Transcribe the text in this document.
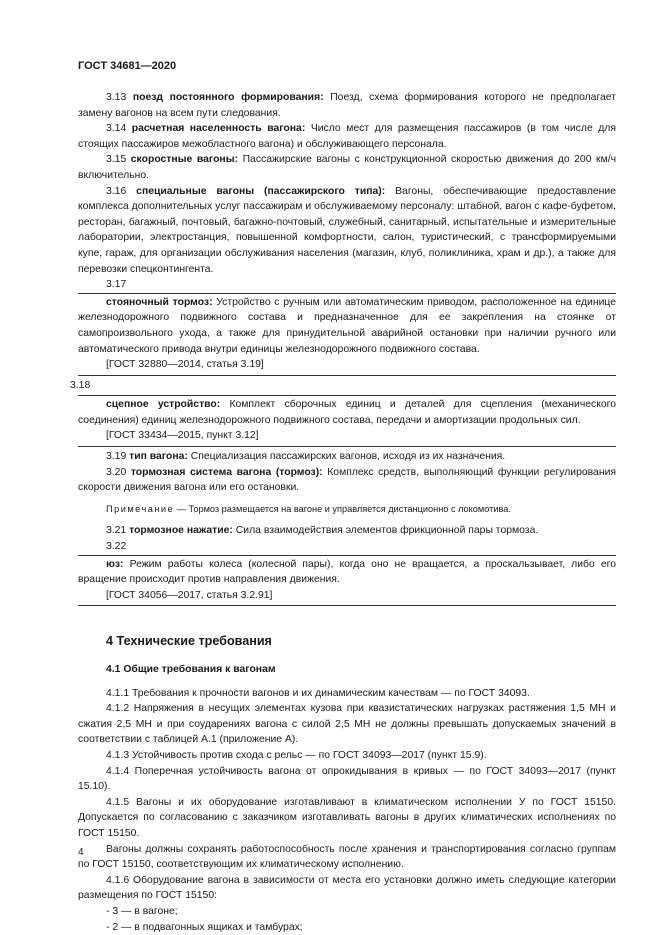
ГОСТ 34681—2020

3.13 поезд постоянного формирования: Поезд, схема формирования которого не предполагает замену вагонов на всем пути следования.

3.14 расчетная населенность вагона: Число мест для размещения пассажиров (в том числе для стоящих пассажиров межобластного вагона) и обслуживающего персонала.

3.15 скоростные вагоны: Пассажирские вагоны с конструкционной скоростью движения до 200 км/ч включительно.

3.16 специальные вагоны (пассажирского типа): Вагоны, обеспечивающие предоставление комплекса дополнительных услуг пассажирам и обслуживаемому персоналу: штабной, вагон с кафе-буфетом, ресторан, багажный, почтовый, багажно-почтовый, служебный, санитарный, испытательные и измерительные лаборатории, электростанция, повышенной комфортности, салон, туристический, с трансформируемыми купе, гараж, для организации обслуживания населения (магазин, клуб, поликлиника, храм и др.), а также для перевозки спецконтингента.

3.17

стояночный тормоз: Устройство с ручным или автоматическим приводом, расположенное на единице железнодорожного подвижного состава и предназначенное для ее закрепления на стоянке от самопроизвольного ухода, а также для принудительной аварийной остановки при наличии ручного или автоматического привода внутри единицы железнодорожного подвижного состава.

[ГОСТ 32880—2014, статья 3.19]
3.18

сцепное устройство: Комплект сборочных единиц и деталей для сцепления (механического соединения) единиц железнодорожного подвижного состава, передачи и амортизации продольных сил.

[ГОСТ 33434—2015, пункт 3.12]

3.19 тип вагона: Специализация пассажирских вагонов, исходя из их назначения.

3.20 тормозная система вагона (тормоз): Комплекс средств, выполняющий функции регулирования скорости движения вагона или его остановки.

Примечание — Тормоз размещается на вагоне и управляется дистанционно с локомотива.

3.21 тормозное нажатие: Сила взаимодействия элементов фрикционной пары тормоза.

3.22

юз: Режим работы колеса (колесной пары), когда оно не вращается, а проскальзывает, либо его вращение происходит против направления движения.

[ГОСТ 34056—2017, статья 3.2.91]
4 Технические требования
4.1 Общие требования к вагонам

4.1.1 Требования к прочности вагонов и их динамическим качествам — по ГОСТ 34093.

4.1.2 Напряжения в несущих элементах кузова при квазистатических нагрузках растяжения 1,5 МН и сжатия 2,5 МН и при соударениях вагона с силой 2,5 МН не должны превышать допускаемых значений в соответствии с таблицей А.1 (приложение А).

4.1.3 Устойчивость против схода с рельс — по ГОСТ 34093—2017 (пункт 15.9).

4.1.4 Поперечная устойчивость вагона от опрокидывания в кривых — по ГОСТ 34093—2017 (пункт 15.10).

4.1.5 Вагоны и их оборудование изготавливают в климатическом исполнении У по ГОСТ 15150. Допускается по согласованию с заказчиком изготавливать вагоны в других климатических исполнениях по ГОСТ 15150.

Вагоны должны сохранять работоспособность после хранения и транспортирования согласно группам по ГОСТ 15150, соответствующим их климатическому исполнению.

4.1.6 Оборудование вагона в зависимости от места его установки должно иметь следующие категории размещения по ГОСТ 15150:

- 3 — в вагоне;
- 2 — в подвагонных ящиках и тамбурах;
4
